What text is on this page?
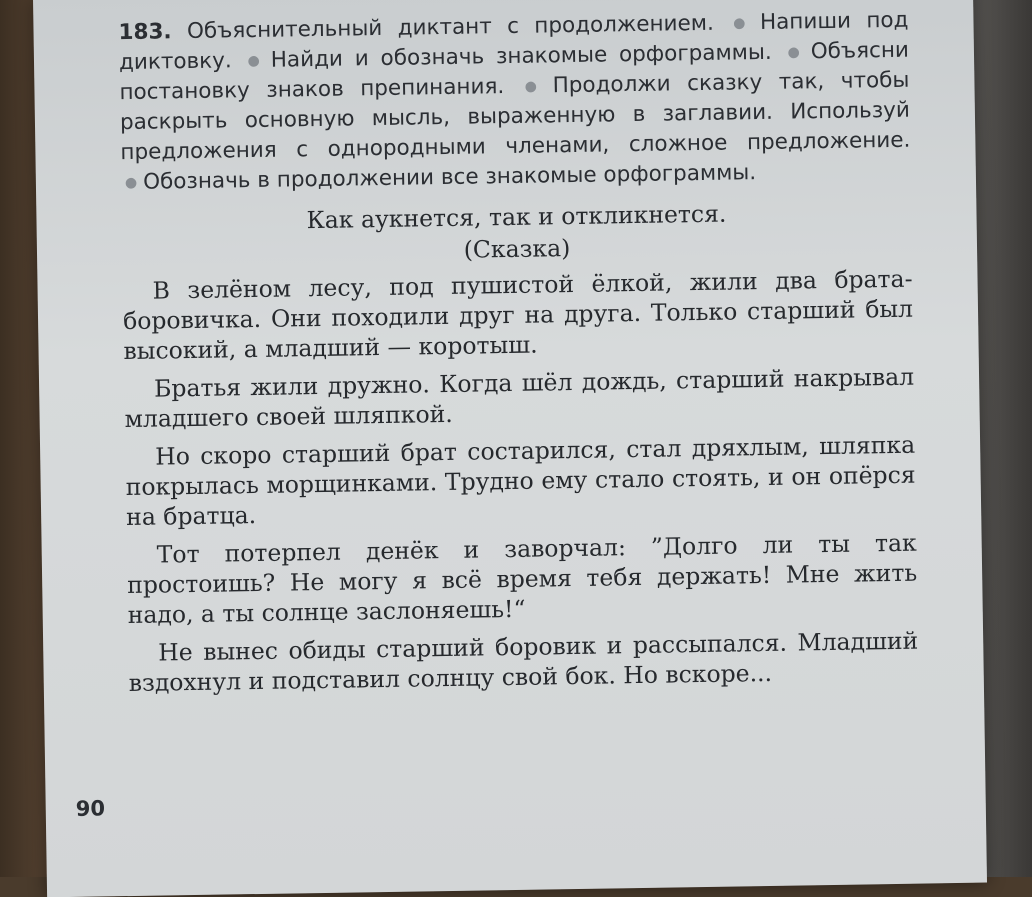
183. Объяснительный диктант с продолжением. ● Напиши под диктовку. ● Найди и обозначь знакомые орфограммы. ● Объясни постановку знаков препинания. ● Продолжи сказку так, чтобы раскрыть основную мысль, выраженную в заглавии. Используй предложения с однородными членами, сложное предложение. ● Обозначь в продолжении все знакомые орфограммы.

Как аукнется, так и откликнется.

(Сказка)

В зелёном лесу, под пушистой ёлкой, жили два брата-боровичка. Они походили друг на друга. Только старший был высокий, а младший — коротыш.

Братья жили дружно. Когда шёл дождь, старший накрывал младшего своей шляпкой.

Но скоро старший брат состарился, стал дряхлым, шляпка покрылась морщинками. Трудно ему стало стоять, и он опёрся на братца.

Тот потерпел денёк и заворчал: ”Долго ли ты так простоишь? Не могу я всё время тебя держать! Мне жить надо, а ты солнце заслоняешь!“

Не вынес обиды старший боровик и рассыпался. Младший вздохнул и подставил солнцу свой бок. Но вскоре...

90
